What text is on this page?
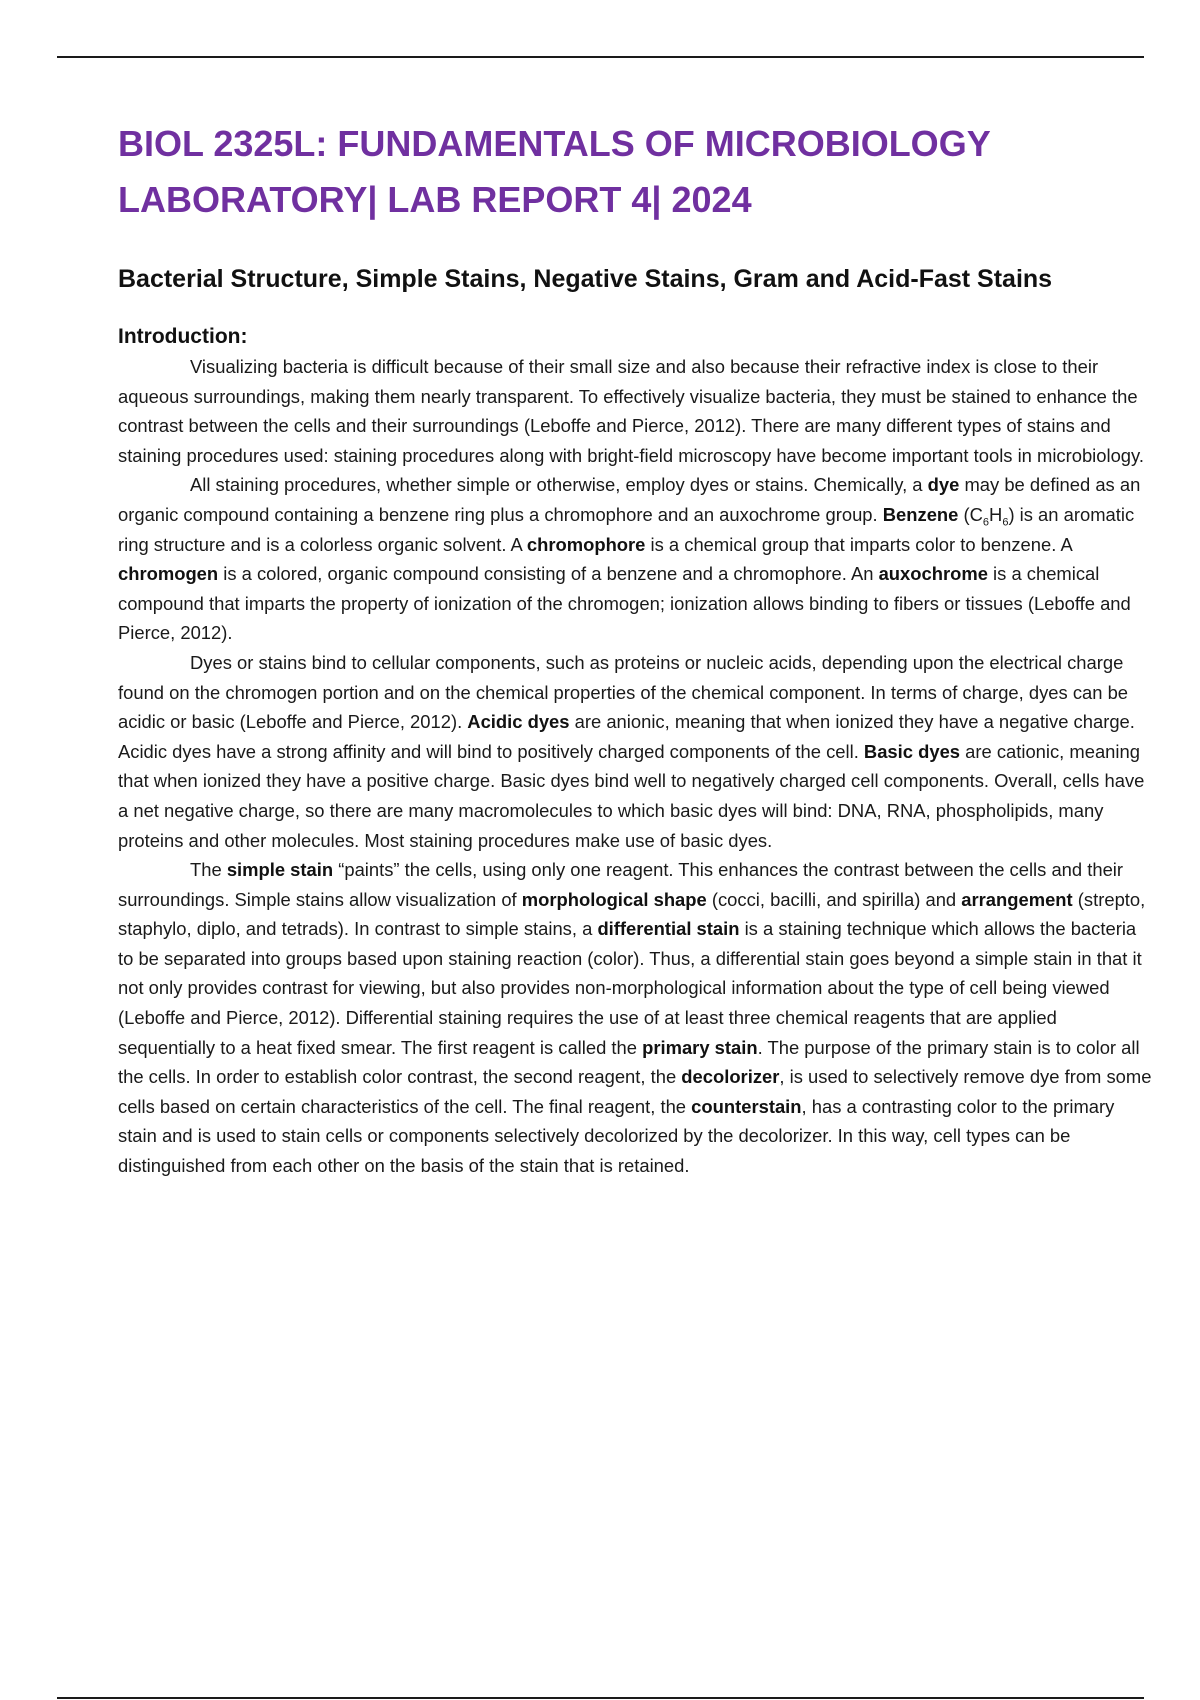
BIOL 2325L: FUNDAMENTALS OF MICROBIOLOGY LABORATORY| LAB REPORT 4| 2024
Bacterial Structure, Simple Stains, Negative Stains, Gram and Acid-Fast Stains
Introduction:

Visualizing bacteria is difficult because of their small size and also because their refractive index is close to their aqueous surroundings, making them nearly transparent. To effectively visualize bacteria, they must be stained to enhance the contrast between the cells and their surroundings (Leboffe and Pierce, 2012). There are many different types of stains and staining procedures used: staining procedures along with bright-field microscopy have become important tools in microbiology.

All staining procedures, whether simple or otherwise, employ dyes or stains. Chemically, a dye may be defined as an organic compound containing a benzene ring plus a chromophore and an auxochrome group. Benzene $(C_6H_6)$ is an aromatic ring structure and is a colorless organic solvent. A chromophore is a chemical group that imparts color to benzene. A chromogen is a colored, organic compound consisting of a benzene and a chromophore. An auxochrome is a chemical compound that imparts the property of ionization of the chromogen; ionization allows binding to fibers or tissues (Leboffe and Pierce, 2012).

Dyes or stains bind to cellular components, such as proteins or nucleic acids, depending upon the electrical charge found on the chromogen portion and on the chemical properties of the chemical component. In terms of charge, dyes can be acidic or basic (Leboffe and Pierce, 2012). Acidic dyes are anionic, meaning that when ionized they have a negative charge. Acidic dyes have a strong affinity and will bind to positively charged components of the cell. Basic dyes are cationic, meaning that when ionized they have a positive charge. Basic dyes bind well to negatively charged cell components. Overall, cells have a net negative charge, so there are many macromolecules to which basic dyes will bind: DNA, RNA, phospholipids, many proteins and other molecules. Most staining procedures make use of basic dyes.

The simple stain “paints” the cells, using only one reagent. This enhances the contrast between the cells and their surroundings. Simple stains allow visualization of morphological shape (cocci, bacilli, and spirilla) and arrangement (strepto, staphylo, diplo, and tetrads). In contrast to simple stains, a differential stain is a staining technique which allows the bacteria to be separated into groups based upon staining reaction (color). Thus, a differential stain goes beyond a simple stain in that it not only provides contrast for viewing, but also provides non-morphological information about the type of cell being viewed (Leboffe and Pierce, 2012). Differential staining requires the use of at least three chemical reagents that are applied sequentially to a heat fixed smear. The first reagent is called the primary stain. The purpose of the primary stain is to color all the cells. In order to establish color contrast, the second reagent, the decolorizer, is used to selectively remove dye from some cells based on certain characteristics of the cell. The final reagent, the counterstain, has a contrasting color to the primary stain and is used to stain cells or components selectively decolorized by the decolorizer. In this way, cell types can be distinguished from each other on the basis of the stain that is retained.
